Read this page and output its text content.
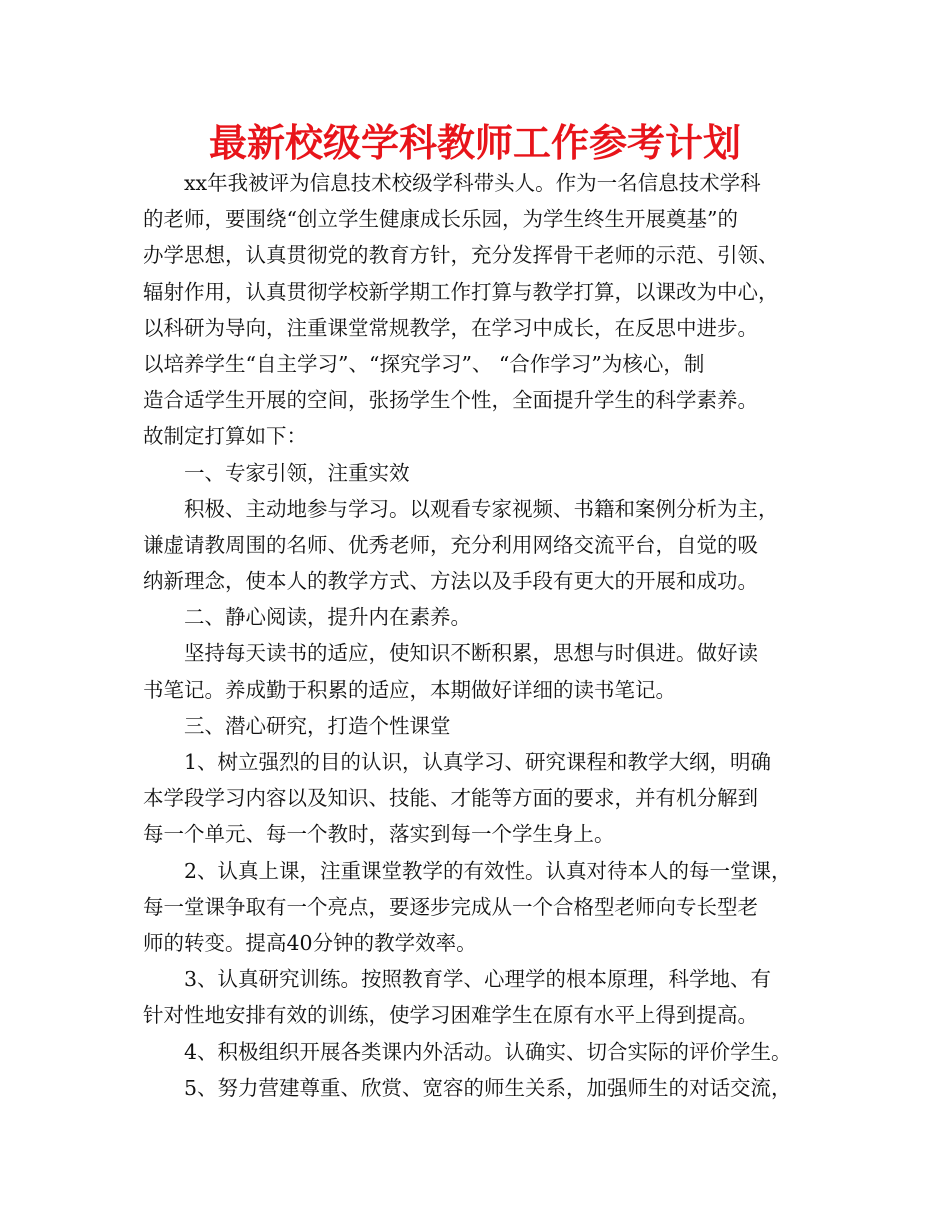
最新校级学科教师工作参考计划
xx年我被评为信息技术校级学科带头人。作为一名信息技术学科
的老师，要围绕“创立学生健康成长乐园，为学生终生开展奠基”的
办学思想，认真贯彻党的教育方针，充分发挥骨干老师的示范、引领、
辐射作用，认真贯彻学校新学期工作打算与教学打算，以课改为中心，
以科研为导向，注重课堂常规教学，在学习中成长，在反思中进步。
以培养学生“自主学习”、“探究学习”、 “合作学习”为核心，制
造合适学生开展的空间，张扬学生个性，全面提升学生的科学素养。
故制定打算如下：
一、专家引领，注重实效
积极、主动地参与学习。以观看专家视频、书籍和案例分析为主，
谦虚请教周围的名师、优秀老师，充分利用网络交流平台，自觉的吸
纳新理念，使本人的教学方式、方法以及手段有更大的开展和成功。
二、静心阅读，提升内在素养。
坚持每天读书的适应，使知识不断积累，思想与时俱进。做好读
书笔记。养成勤于积累的适应，本期做好详细的读书笔记。
三、潜心研究，打造个性课堂
1、树立强烈的目的认识，认真学习、研究课程和教学大纲，明确
本学段学习内容以及知识、技能、才能等方面的要求，并有机分解到
每一个单元、每一个教时，落实到每一个学生身上。
2、认真上课，注重课堂教学的有效性。认真对待本人的每一堂课，
每一堂课争取有一个亮点，要逐步完成从一个合格型老师向专长型老
师的转变。提高40分钟的教学效率。
3、认真研究训练。按照教育学、心理学的根本原理，科学地、有
针对性地安排有效的训练，使学习困难学生在原有水平上得到提高。
4、积极组织开展各类课内外活动。认确实、切合实际的评价学生。
5、努力营建尊重、欣赏、宽容的师生关系，加强师生的对话交流，
